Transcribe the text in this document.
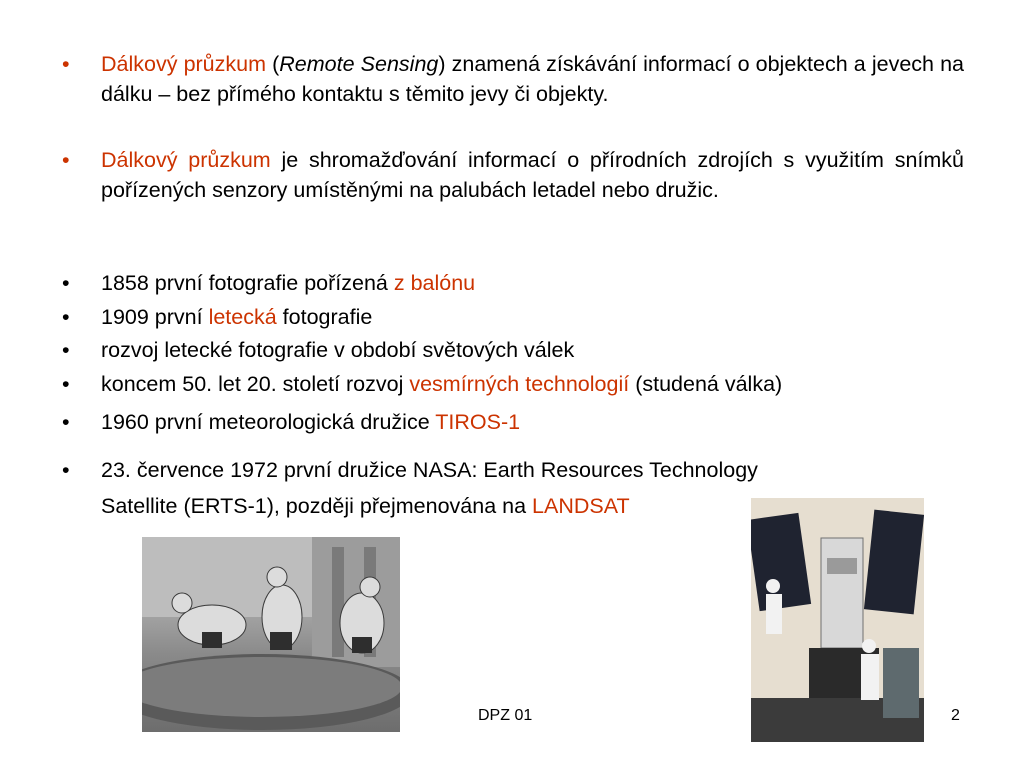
•	Dálkový průzkum (Remote Sensing) znamená získávání informací o objektech a jevech na dálku – bez přímého kontaktu s těmito jevy či objekty.
•	Dálkový průzkum je shromažďování informací o přírodních zdrojích s využitím snímků pořízených senzory umístěnými na palubách letadel nebo družic.
•	1858 první fotografie pořízená z balónu
•	1909 první letecká fotografie
•	rozvoj letecké fotografie v období světových válek
•	koncem 50. let 20. století rozvoj vesmírných technologií (studená válka)
•	1960 první meteorologická družice TIROS-1
•	23. července 1972 první družice NASA: Earth Resources Technology
Satellite (ERTS-1), později přejmenována na LANDSAT
DPZ 01	2
